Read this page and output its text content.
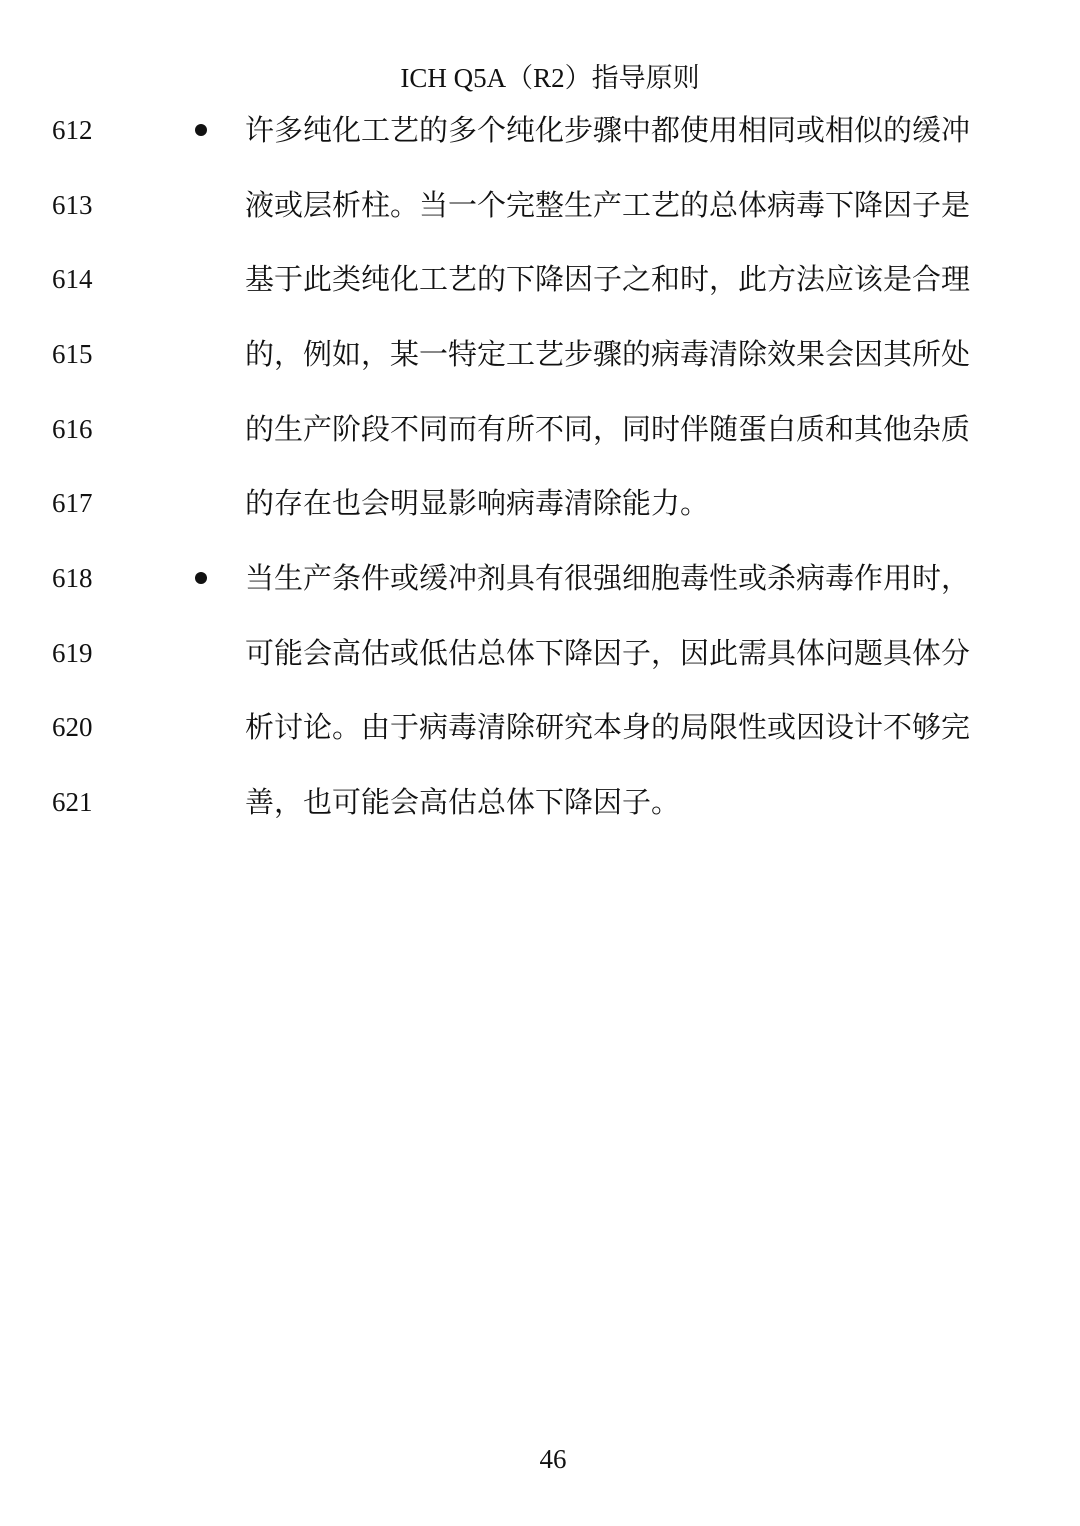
ICH Q5A（R2）指导原则
612	许多纯化工艺的多个纯化步骤中都使用相同或相似的缓冲
613	液或层析柱。当一个完整生产工艺的总体病毒下降因子是
614	基于此类纯化工艺的下降因子之和时，此方法应该是合理
615	的，例如，某一特定工艺步骤的病毒清除效果会因其所处
616	的生产阶段不同而有所不同，同时伴随蛋白质和其他杂质
617	的存在也会明显影响病毒清除能力。
618	当生产条件或缓冲剂具有很强细胞毒性或杀病毒作用时，
619	可能会高估或低估总体下降因子，因此需具体问题具体分
620	析讨论。由于病毒清除研究本身的局限性或因设计不够完
621	善，也可能会高估总体下降因子。
46
